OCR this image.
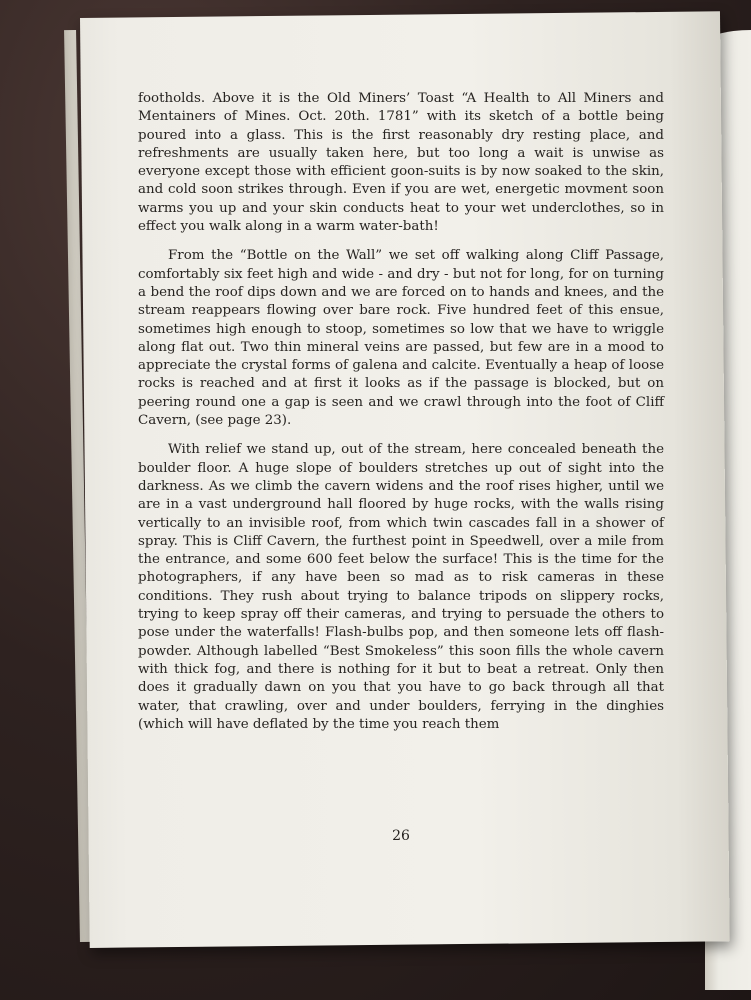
footholds. Above it is the Old Miners’ Toast “A Health to All Miners and Mentainers of Mines. Oct. 20th. 1781” with its sketch of a bottle being poured into a glass. This is the first reasonably dry resting place, and refreshments are usually taken here, but too long a wait is unwise as everyone except those with efficient goon-suits is by now soaked to the skin, and cold soon strikes through. Even if you are wet, energetic movment soon warms you up and your skin conducts heat to your wet underclothes, so in effect you walk along in a warm water-bath!

From the “Bottle on the Wall” we set off walking along Cliff Passage, comfortably six feet high and wide - and dry - but not for long, for on turning a bend the roof dips down and we are forced on to hands and knees, and the stream reappears flowing over bare rock. Five hundred feet of this ensue, sometimes high enough to stoop, sometimes so low that we have to wriggle along flat out. Two thin mineral veins are passed, but few are in a mood to appreciate the crystal forms of galena and calcite. Eventually a heap of loose rocks is reached and at first it looks as if the passage is blocked, but on peering round one a gap is seen and we crawl through into the foot of Cliff Cavern, (see page 23).

With relief we stand up, out of the stream, here concealed beneath the boulder floor. A huge slope of boulders stretches up out of sight into the darkness. As we climb the cavern widens and the roof rises higher, until we are in a vast underground hall floored by huge rocks, with the walls rising vertically to an invisible roof, from which twin cascades fall in a shower of spray. This is Cliff Cavern, the furthest point in Speedwell, over a mile from the entrance, and some 600 feet below the surface! This is the time for the photographers, if any have been so mad as to risk cameras in these conditions. They rush about trying to balance tripods on slippery rocks, trying to keep spray off their cameras, and trying to persuade the others to pose under the waterfalls! Flash-bulbs pop, and then someone lets off flash-powder. Although labelled “Best Smokeless” this soon fills the whole cavern with thick fog, and there is nothing for it but to beat a retreat. Only then does it gradually dawn on you that you have to go back through all that water, that crawling, over and under boulders, ferrying in the dinghies (which will have deflated by the time you reach them

26
